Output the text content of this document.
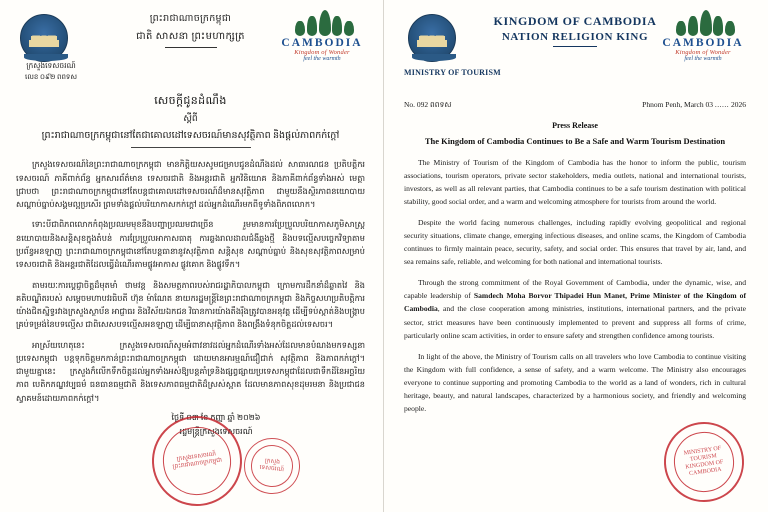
ព្រះរាជាណាចក្រកម្ពុជា
ជាតិ សាសនា ព្រះមហាក្សត្រ
ក្រសួងទេសចរណ៍
លេខ ០៩២ ពពទស
CAMBODIA
Kingdom of Wonder
feel the warmth
សេចក្តីជូនដំណឹង
ស្តីពី
ព្រះរាជាណាចក្រកម្ពុជានៅតែជាគោលដៅទេសចរណ៍មានសុវត្ថិភាព និងផ្តល់ភាពកក់ក្តៅ

ក្រសួងទេសចរណ៍នៃព្រះរាជាណាចក្រកម្ពុជា មានកិត្តិយសសូមជម្រាបជូនដំណឹងដល់ សាធារណជន ប្រតិបត្តិករទេសចរណ៍ ភាគីពាក់ព័ន្ធ អ្នកសារព័ត៌មាន ទេសចរជាតិ និងអន្តរជាតិ អ្នកវិនិយោគ និងភាគីពាក់ព័ន្ធទាំងអស់ មេត្តាជ្រាបថា ព្រះរាជាណាចក្រកម្ពុជានៅតែបន្តជាគោលដៅទេសចរណ៍ដ៏មានសុវត្ថិភាព ជាមួយនឹងស្ថិរភាពនយោបាយ សណ្តាប់ធ្នាប់សង្គមល្អប្រសើរ ព្រមទាំងផ្តល់បរិយាកាសកក់ក្តៅ ដល់អ្នកដំណើរមកពីទូទាំងពិភពលោក។

ទោះបីជាពិភពលោកកំពុងប្រឈមមុខនឹងបញ្ហាប្រឈមជាច្រើន រួមមានការប្រែប្រួលបរិយាកាសភូមិសាស្ត្រនយោបាយនិងសន្តិសុខក្នុងតំបន់ ការប្រែប្រួលអាកាសធាតុ ការឆ្លងរាលដាលជំងឺឆ្លងថ្មី និងបទល្មើសបច្ចេកវិទ្យាតាមប្រព័ន្ធអនឡាញ ព្រះរាជាណាចក្រកម្ពុជានៅតែបន្តធានានូវសុវត្ថិភាព សន្តិសុខ សណ្តាប់ធ្នាប់ និងសុខសុវត្ថិភាពសម្រាប់ទេសចរជាតិ និងអន្តរជាតិដែលធ្វើដំណើរតាមផ្លូវអាកាស ផ្លូវគោក និងផ្លូវទឹក។

តាមរយៈការប្តេជ្ញាចិត្តដ៏មុតមាំ ថាមវន្ត និងសមត្ថភាពរបស់រាជរដ្ឋាភិបាលកម្ពុជា ក្រោមការដឹកនាំដ៏ឆ្លាតវៃ និងគតិបណ្ឌិតរបស់ សម្តេចមហាបវរធិបតី ហ៊ុន ម៉ាណែត នាយករដ្ឋមន្ត្រីនៃព្រះរាជាណាចក្រកម្ពុជា និងកិច្ចសហប្រតិបត្តិការយ៉ាងជិតស្និទ្ធរវាងក្រសួងស្ថាប័ន អាជ្ញាធរ និងវិស័យឯកជន វិធានការយ៉ាងតឹងរ៉ឹងត្រូវបានអនុវត្ត ដើម្បីទប់ស្កាត់និងបង្ក្រាបគ្រប់ទម្រង់នៃបទល្មើស ជាពិសេសបទល្មើសអនឡាញ ដើម្បីធានាសុវត្ថិភាព និងពង្រឹងទំនុកចិត្តដល់ទេសចរ។

អាស្រ័យហេតុនេះ ក្រសួងទេសចរណ៍សូមអំពាវនាវដល់អ្នកដំណើរទាំងអស់ដែលមានបំណងមកទស្សនាប្រទេសកម្ពុជា បន្តទុកចិត្តមកកាន់ព្រះរាជាណាចក្រកម្ពុជា ដោយមានអារម្មណ៍ជឿជាក់ សុវត្ថិភាព និងភាពកក់ក្តៅ។ ជាមួយគ្នានេះ ក្រសួងក៏លើកទឹកចិត្តដល់អ្នកទាំងអស់ឱ្យបន្តគាំទ្រនិងផ្សព្វផ្សាយប្រទេសកម្ពុជាដែលជាទឹកដីនៃអច្ឆរិយភាព បេតិកភណ្ឌវប្បធម៌ ធនធានធម្មជាតិ និងទេសភាពធម្មជាតិដ៏ស្រស់ស្អាត ដែលមានភាពសុខដុមរមនា និងប្រជាជនស្វាគមន៍ដោយភាពកក់ក្តៅ។

ថ្ងៃទី ០៣ ខែ​ កញ្ញា ឆ្នាំ ២០២៦
រដ្ឋមន្ត្រីក្រសួងទេសចរណ៍
ក្រសួងទេសចរណ៍ ព្រះរាជាណាចក្រកម្ពុជា	ក្រសួងទេសចរណ៍
KINGDOM OF CAMBODIA
NATION RELIGION KING	CAMBODIA
Kingdom of Wonder
feel the warmth
MINISTRY OF TOURISM
No. 092 ពពទស	Phnom Penh, March 03 ...... 2026
Press Release
The Kingdom of Cambodia Continues to Be a Safe and Warm Tourism Destination

The Ministry of Tourism of the Kingdom of Cambodia has the honor to inform the public, tourism associations, tourism operators, private sector stakeholders, media outlets, national and international tourists, investors, as well as all relevant parties, that Cambodia continues to be a safe tourism destination with political stability, good social order, and a warm and welcoming atmosphere for tourists from around the world.

Despite the world facing numerous challenges, including rapidly evolving geopolitical and regional security situations, climate change, emerging infectious diseases, and online scams, the Kingdom of Cambodia continues to firmly maintain peace, security, safety, and social order. This ensures that travel by air, land, and sea remains safe, reliable, and welcoming for both national and international tourists.

Through the strong commitment of the Royal Government of Cambodia, under the dynamic, wise, and capable leadership of Samdech Moha Borvor Thipadei Hun Manet, Prime Minister of the Kingdom of Cambodia, and the close cooperation among ministries, institutions, international partners, and the private sector, strict measures have been continuously implemented to prevent and suppress all forms of crime, particularly online scam activities, in order to ensure safety and strengthen confidence among tourists.

In light of the above, the Ministry of Tourism calls on all travelers who love Cambodia to continue visiting the Kingdom with full confidence, a sense of safety, and a warm welcome. The Ministry also encourages everyone to continue supporting and promoting Cambodia to the world as a land of wonders, rich in cultural heritage, beauty, and natural landscapes, characterized by a harmonious society, and friendly and welcoming people.

MINISTRY OF TOURISM KINGDOM OF CAMBODIA
